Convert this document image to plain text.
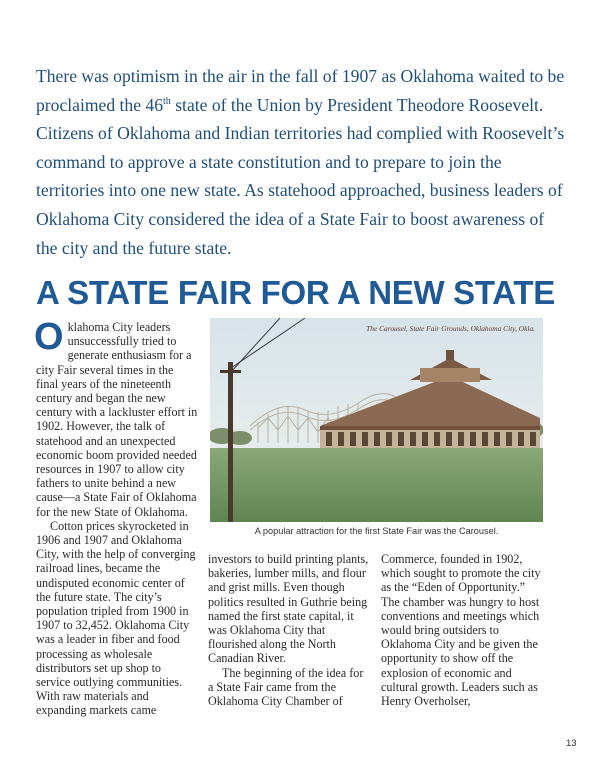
There was optimism in the air in the fall of 1907 as Oklahoma waited to be proclaimed the 46th state of the Union by President Theodore Roosevelt. Citizens of Oklahoma and Indian territories had complied with Roosevelt’s command to approve a state constitution and to prepare to join the territories into one new state. As statehood approached, business leaders of Oklahoma City considered the idea of a State Fair to boost awareness of the city and the future state.
A STATE FAIR FOR A NEW STATE

Oklahoma City leaders unsuccessfully tried to generate enthusiasm for a city Fair several times in the final years of the nineteenth century and began the new century with a lackluster effort in 1902. However, the talk of statehood and an unexpected economic boom provided needed resources in 1907 to allow city fathers to unite behind a new cause—a State Fair of Oklahoma for the new State of Oklahoma.

Cotton prices skyrocketed in 1906 and 1907 and Oklahoma City, with the help of converging railroad lines, became the undisputed economic center of the future state. The city’s population tripled from 1900 in 1907 to 32,452. Oklahoma City was a leader in fiber and food processing as wholesale distributors set up shop to service outlying communities. With raw materials and expanding markets came

The Carousel, State Fair Grounds, Oklahoma City, Okla.
A popular attraction for the first State Fair was the Carousel.

investors to build printing plants, bakeries, lumber mills, and flour and grist mills. Even though politics resulted in Guthrie being named the first state capital, it was Oklahoma City that flourished along the North Canadian River.

The beginning of the idea for a State Fair came from the Oklahoma City Chamber of

Commerce, founded in 1902, which sought to promote the city as the “Eden of Opportunity.” The chamber was hungry to host conventions and meetings which would bring outsiders to Oklahoma City and be given the opportunity to show off the explosion of economic and cultural growth. Leaders such as Henry Overholser,

13
